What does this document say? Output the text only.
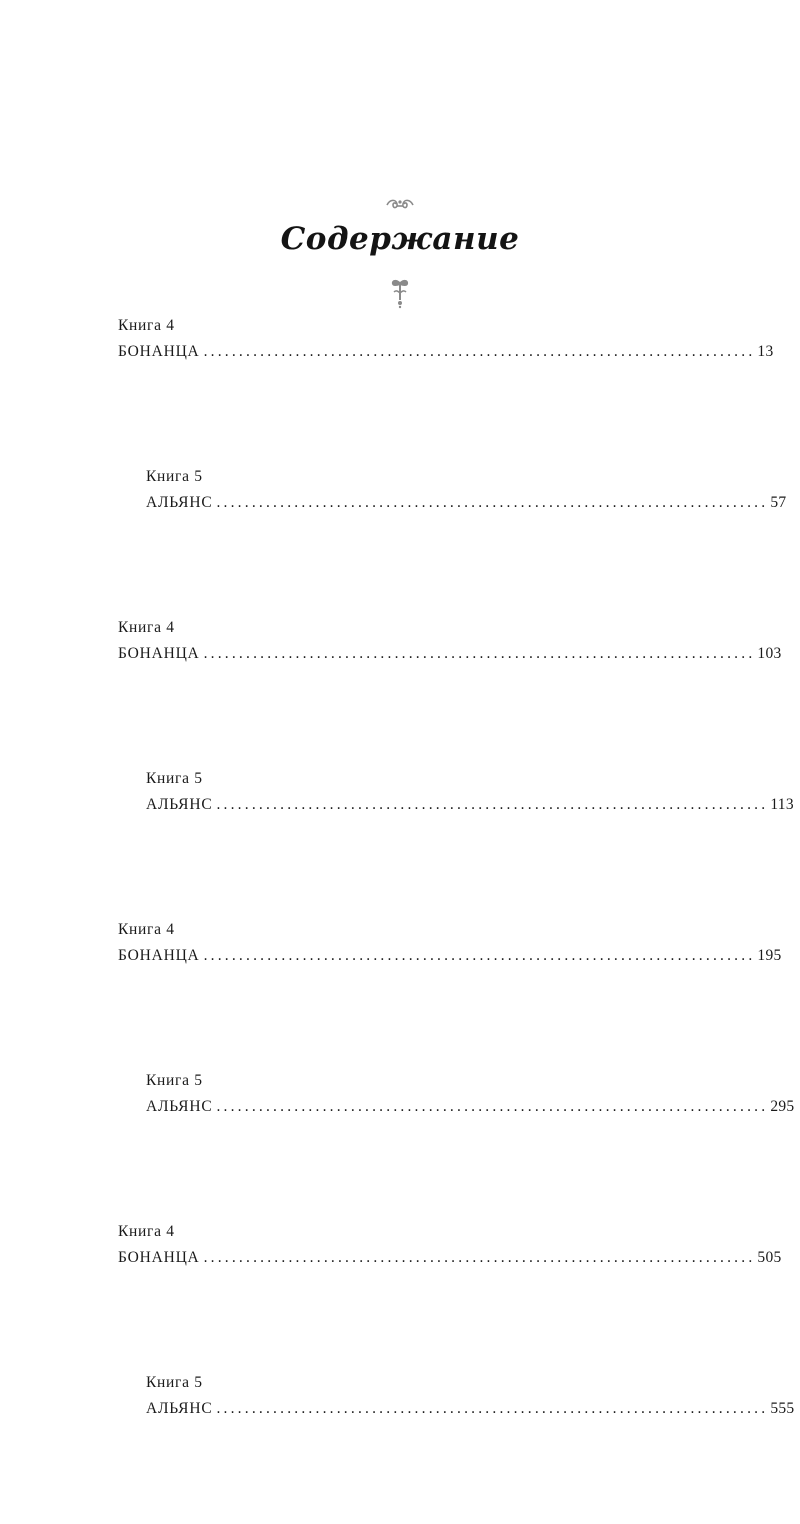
Содержание
Книга 4
БОНАНЦА .............................................................................. 13
Книга 5
АЛЬЯНС .............................................................................. 57
Книга 4
БОНАНЦА .............................................................................. 103
Книга 5
АЛЬЯНС .............................................................................. 113
Книга 4
БОНАНЦА .............................................................................. 195
Книга 5
АЛЬЯНС .............................................................................. 295
Книга 4
БОНАНЦА .............................................................................. 505
Книга 5
АЛЬЯНС .............................................................................. 555
